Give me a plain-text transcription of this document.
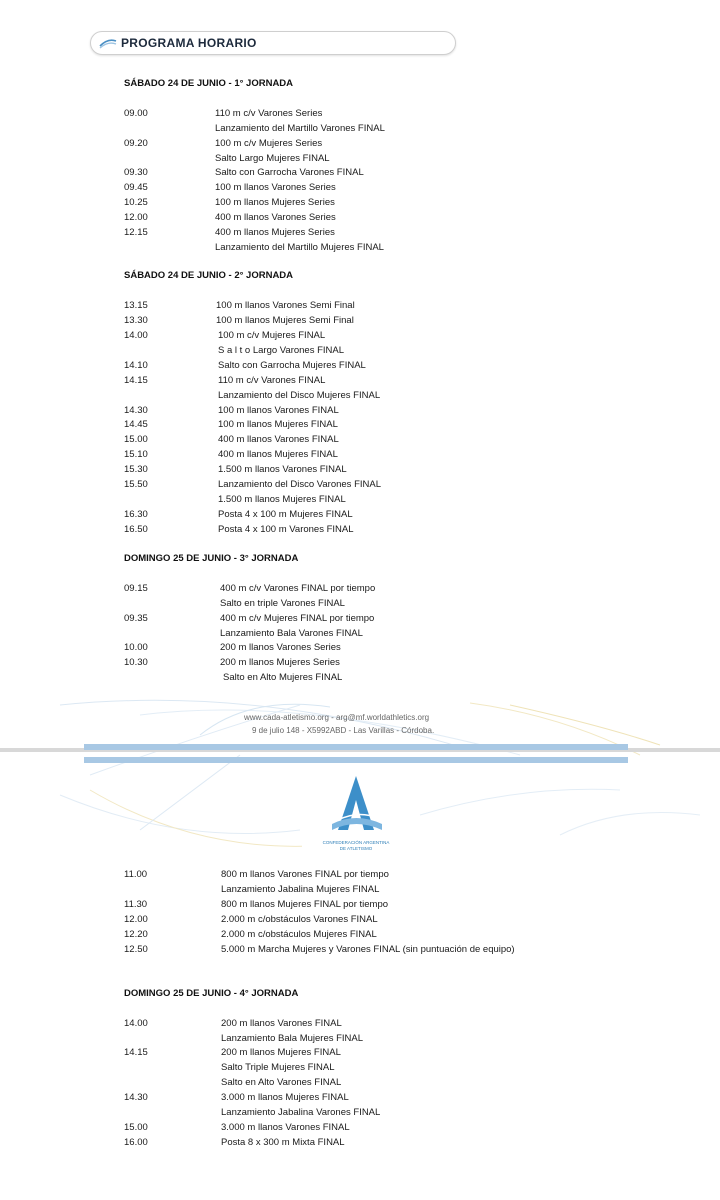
PROGRAMA HORARIO
SÁBADO 24 DE JUNIO - 1° JORNADA
09.00	110 m c/v Varones Series
Lanzamiento del Martillo Varones FINAL
09.20	100 m c/v Mujeres Series
Salto Largo Mujeres FINAL
09.30	Salto con Garrocha Varones FINAL
09.45	100 m llanos Varones Series
10.25	100 m llanos Mujeres Series
12.00	400 m llanos Varones Series
12.15	400 m llanos Mujeres Series
Lanzamiento del Martillo Mujeres FINAL
SÁBADO 24 DE JUNIO - 2° JORNADA
13.15	100 m llanos Varones Semi Final
13.30	100 m llanos Mujeres Semi Final
14.00	100 m c/v Mujeres FINAL
S a l t o Largo Varones FINAL
14.10	Salto con Garrocha Mujeres FINAL
14.15	110 m c/v Varones FINAL
Lanzamiento del Disco Mujeres FINAL
14.30	100 m llanos Varones FINAL
14.45	100 m llanos Mujeres FINAL
15.00	400 m llanos Varones FINAL
15.10	400 m llanos Mujeres FINAL
15.30	1.500 m llanos Varones FINAL
15.50	Lanzamiento del Disco Varones FINAL
1.500 m llanos Mujeres FINAL
16.30	Posta 4 x 100 m Mujeres FINAL
16.50	Posta 4 x 100 m Varones FINAL
DOMINGO 25 DE JUNIO - 3° JORNADA
09.15	400 m c/v Varones FINAL por tiempo
Salto en triple Varones FINAL
09.35	400 m c/v Mujeres FINAL por tiempo
Lanzamiento Bala Varones FINAL
10.00	200 m llanos Varones Series
10.30	200 m llanos Mujeres Series
Salto en Alto Mujeres FINAL
www.cada-atletismo.org - arg@mf.worldathletics.org
9 de julio 148 - X5992ABD - Las Varillas - Córdoba.
CONFEDERACIÓN ARGENTINA
DE ATLETISMO
11.00	800 m llanos Varones FINAL por tiempo
Lanzamiento Jabalina Mujeres FINAL
11.30	800 m llanos Mujeres FINAL por tiempo
12.00	2.000 m c/obstáculos Varones FINAL
12.20	2.000 m c/obstáculos Mujeres FINAL
12.50	5.000 m Marcha Mujeres y Varones FINAL (sin puntuación de equipo)
DOMINGO 25 DE JUNIO - 4° JORNADA
14.00	200 m llanos Varones FINAL
Lanzamiento Bala Mujeres FINAL
14.15	200 m llanos Mujeres FINAL
Salto Triple Mujeres FINAL
Salto en Alto Varones FINAL
14.30	3.000 m llanos Mujeres FINAL
Lanzamiento Jabalina Varones FINAL
15.00	3.000 m llanos Varones FINAL
16.00	Posta 8 x 300 m Mixta FINAL
